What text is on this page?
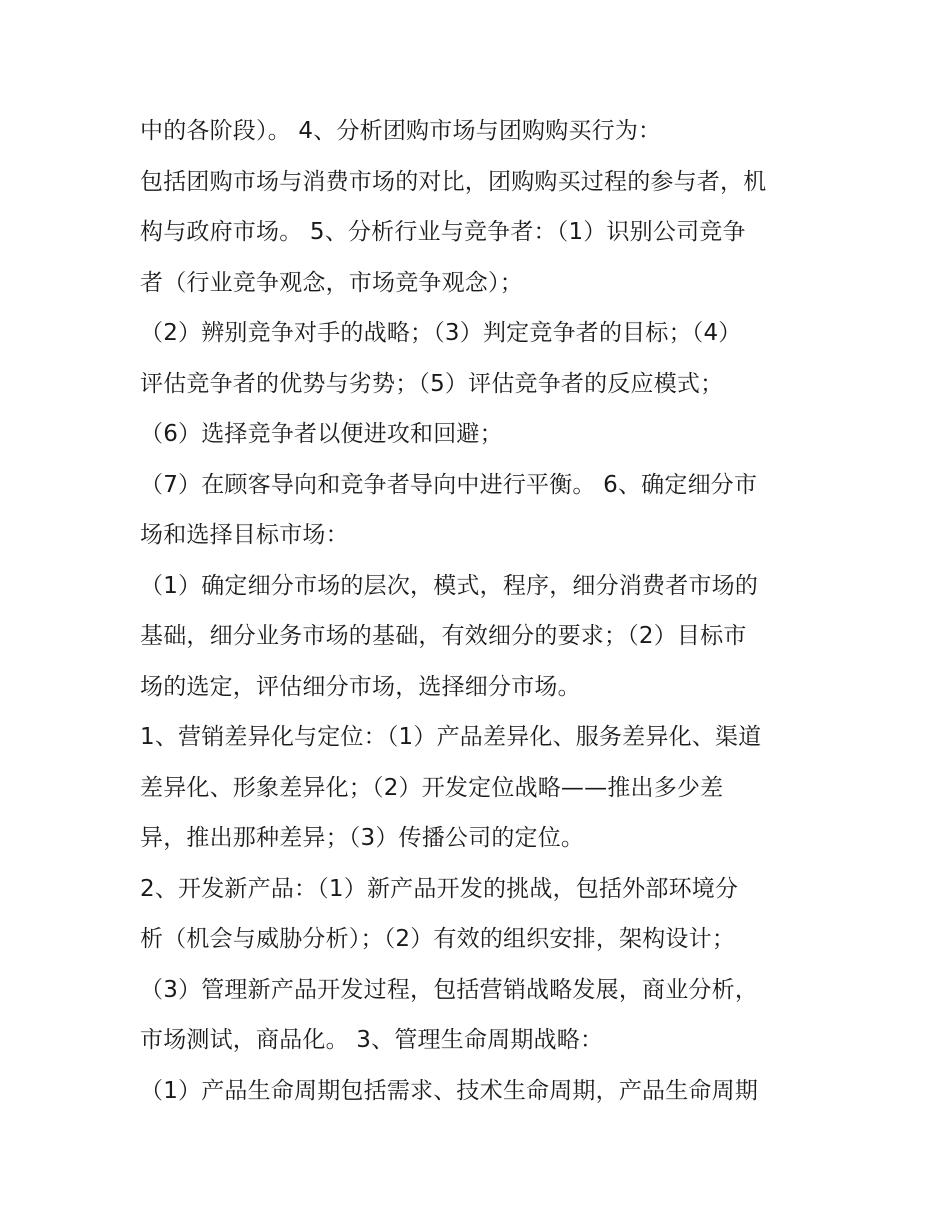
中的各阶段）。 4、分析团购市场与团购购买行为：
包括团购市场与消费市场的对比，团购购买过程的参与者，机
构与政府市场。 5、分析行业与竞争者：（1）识别公司竞争
者（行业竞争观念，市场竞争观念）；
（2）辨别竞争对手的战略；（3）判定竞争者的目标；（4）
评估竞争者的优势与劣势；（5）评估竞争者的反应模式；
（6）选择竞争者以便进攻和回避；
（7）在顾客导向和竞争者导向中进行平衡。 6、确定细分市
场和选择目标市场：
（1）确定细分市场的层次，模式，程序，细分消费者市场的
基础，细分业务市场的基础，有效细分的要求；（2）目标市
场的选定，评估细分市场，选择细分市场。
1、营销差异化与定位：（1）产品差异化、服务差异化、渠道
差异化、形象差异化；（2）开发定位战略——推出多少差
异，推出那种差异；（3）传播公司的定位。
2、开发新产品：（1）新产品开发的挑战，包括外部环境分
析（机会与威胁分析）；（2）有效的组织安排，架构设计；
（3）管理新产品开发过程，包括营销战略发展，商业分析，
市场测试，商品化。 3、管理生命周期战略：
（1）产品生命周期包括需求、技术生命周期，产品生命周期
